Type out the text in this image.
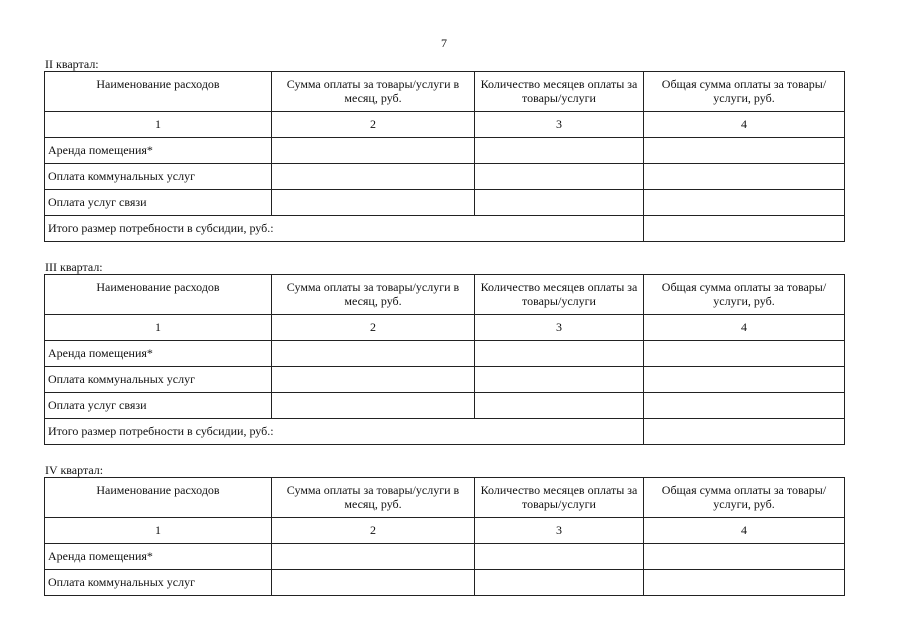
7
II квартал:
Наименование расходов	Сумма оплаты за товары/услуги в месяц, руб.	Количество месяцев оплаты за товары/услуги	Общая сумма оплаты за товары/услуги, руб.
1	2	3	4
Аренда помещения*			
Оплата коммунальных услуг			
Оплата услуг связи			
Итого размер потребности в субсидии, руб.:			
III квартал:
Наименование расходов	Сумма оплаты за товары/услуги в месяц, руб.	Количество месяцев оплаты за товары/услуги	Общая сумма оплаты за товары/услуги, руб.
1	2	3	4
Аренда помещения*			
Оплата коммунальных услуг			
Оплата услуг связи			
Итого размер потребности в субсидии, руб.:			
IV квартал:
Наименование расходов	Сумма оплаты за товары/услуги в месяц, руб.	Количество месяцев оплаты за товары/услуги	Общая сумма оплаты за товары/услуги, руб.
1	2	3	4
Аренда помещения*			
Оплата коммунальных услуг			
